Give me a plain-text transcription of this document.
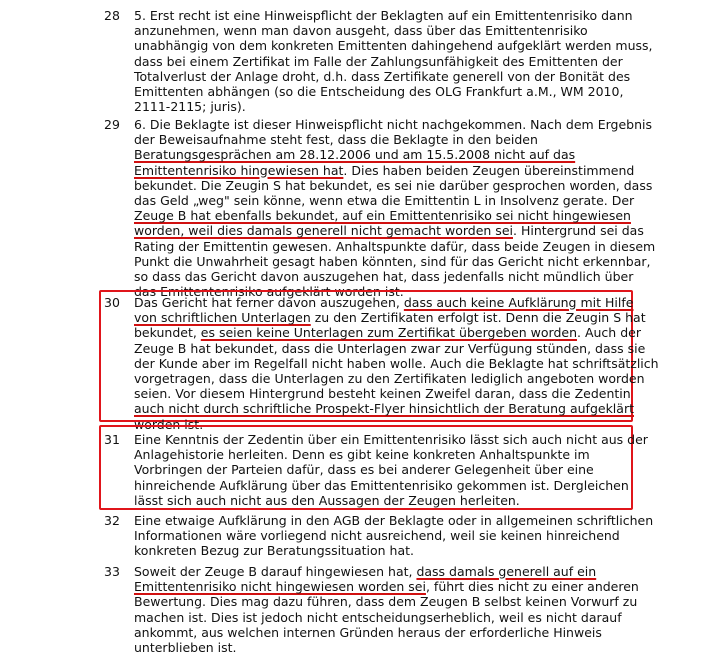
28	5. Erst recht ist eine Hinweispflicht der Beklagten auf ein Emittentenrisiko dann

anzunehmen, wenn man davon ausgeht, dass über das Emittentenrisiko

unabhängig von dem konkreten Emittenten dahingehend aufgeklärt werden muss,

dass bei einem Zertifikat im Falle der Zahlungsunfähigkeit des Emittenten der

Totalverlust der Anlage droht, d.h. dass Zertifikate generell von der Bonität des

Emittenten abhängen (so die Entscheidung des OLG Frankfurt a.M., WM 2010,

2111-2115; juris).

29	6. Die Beklagte ist dieser Hinweispflicht nicht nachgekommen. Nach dem Ergebnis

der Beweisaufnahme steht fest, dass die Beklagte in den beiden

Beratungsgesprächen am 28.12.2006 und am 15.5.2008 nicht auf das

Emittentenrisiko hingewiesen hat. Dies haben beiden Zeugen übereinstimmend

bekundet. Die Zeugin S hat bekundet, es sei nie darüber gesprochen worden, dass

das Geld „weg" sein könne, wenn etwa die Emittentin L in Insolvenz gerate. Der

Zeuge B hat ebenfalls bekundet, auf ein Emittentenrisiko sei nicht hingewiesen

worden, weil dies damals generell nicht gemacht worden sei. Hintergrund sei das

Rating der Emittentin gewesen. Anhaltspunkte dafür, dass beide Zeugen in diesem

Punkt die Unwahrheit gesagt haben könnten, sind für das Gericht nicht erkennbar,

so dass das Gericht davon auszugehen hat, dass jedenfalls nicht mündlich über

das Emittentenrisiko aufgeklärt worden ist.

30	Das Gericht hat ferner davon auszugehen, dass auch keine Aufklärung mit Hilfe

von schriftlichen Unterlagen zu den Zertifikaten erfolgt ist. Denn die Zeugin S hat

bekundet, es seien keine Unterlagen zum Zertifikat übergeben worden. Auch der

Zeuge B hat bekundet, dass die Unterlagen zwar zur Verfügung stünden, dass sie

der Kunde aber im Regelfall nicht haben wolle. Auch die Beklagte hat schriftsätzlich

vorgetragen, dass die Unterlagen zu den Zertifikaten lediglich angeboten worden

seien. Vor diesem Hintergrund besteht keinen Zweifel daran, dass die Zedentin

auch nicht durch schriftliche Prospekt-Flyer hinsichtlich der Beratung aufgeklärt

worden ist.

31	Eine Kenntnis der Zedentin über ein Emittentenrisiko lässt sich auch nicht aus der

Anlagehistorie herleiten. Denn es gibt keine konkreten Anhaltspunkte im

Vorbringen der Parteien dafür, dass es bei anderer Gelegenheit über eine

hinreichende Aufklärung über das Emittentenrisiko gekommen ist. Dergleichen

lässt sich auch nicht aus den Aussagen der Zeugen herleiten.

32	Eine etwaige Aufklärung in den AGB der Beklagte oder in allgemeinen schriftlichen

Informationen wäre vorliegend nicht ausreichend, weil sie keinen hinreichend

konkreten Bezug zur Beratungssituation hat.

33	Soweit der Zeuge B darauf hingewiesen hat, dass damals generell auf ein

Emittentenrisiko nicht hingewiesen worden sei, führt dies nicht zu einer anderen

Bewertung. Dies mag dazu führen, dass dem Zeugen B selbst keinen Vorwurf zu

machen ist. Dies ist jedoch nicht entscheidungserheblich, weil es nicht darauf

ankommt, aus welchen internen Gründen heraus der erforderliche Hinweis

unterblieben ist.
